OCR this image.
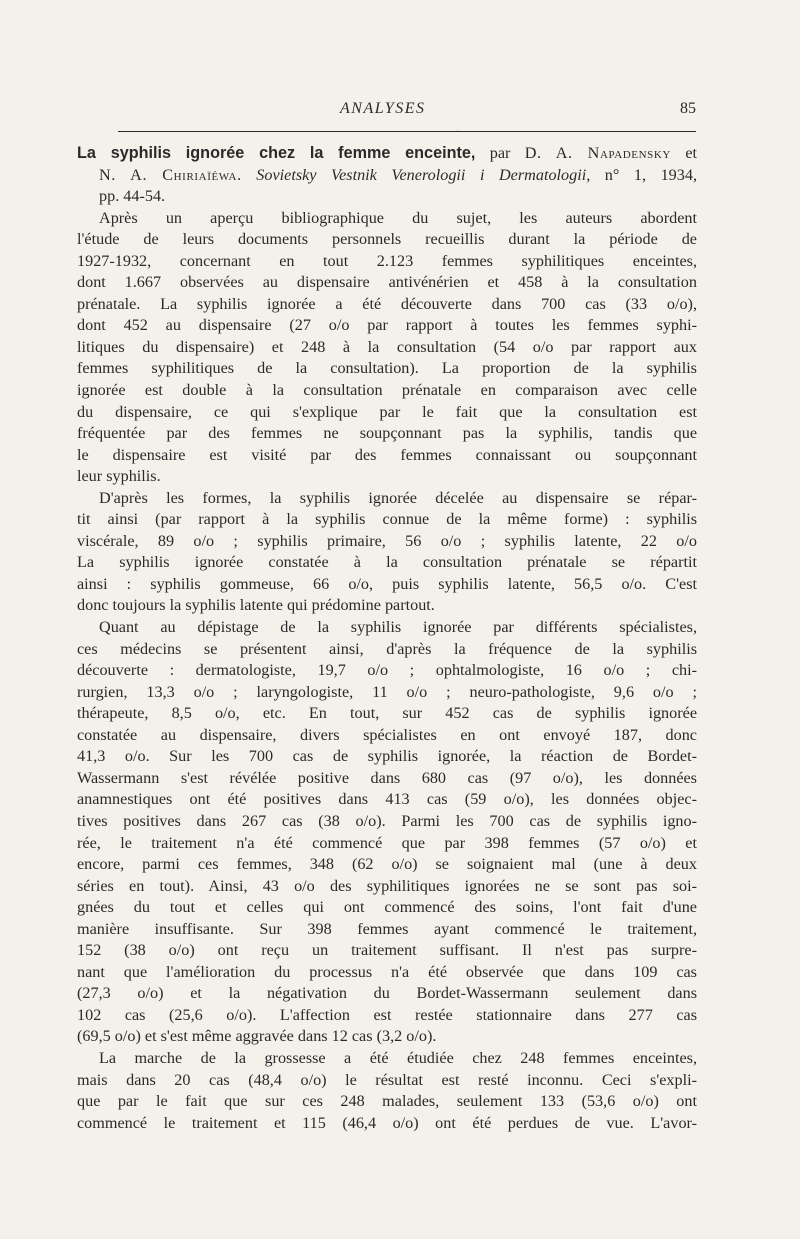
ANALYSES	85
.
La syphilis ignorée chez la femme enceinte, par D. A. Napadensky et
N. A. Chiriaïéwa. Sovietsky Vestnik Venerologii i Dermatologii, n° 1, 1934,
pp. 44-54.
Après un aperçu bibliographique du sujet, les auteurs abordent
l'étude de leurs documents personnels recueillis durant la période de
1927-1932, concernant en tout 2.123 femmes syphilitiques enceintes,
dont 1.667 observées au dispensaire antivénérien et 458 à la consultation
prénatale. La syphilis ignorée a été découverte dans 700 cas (33 o/o),
dont 452 au dispensaire (27 o/o par rapport à toutes les femmes syphi-
litiques du dispensaire) et 248 à la consultation (54 o/o par rapport aux
femmes syphilitiques de la consultation). La proportion de la syphilis
ignorée est double à la consultation prénatale en comparaison avec celle
du dispensaire, ce qui s'explique par le fait que la consultation est
fréquentée par des femmes ne soupçonnant pas la syphilis, tandis que
le dispensaire est visité par des femmes connaissant ou soupçonnant
leur syphilis.
D'après les formes, la syphilis ignorée décelée au dispensaire se répar-
tit ainsi (par rapport à la syphilis connue de la même forme) : syphilis
viscérale, 89 o/o ; syphilis primaire, 56 o/o ; syphilis latente, 22 o/o
La syphilis ignorée constatée à la consultation prénatale se répartit
ainsi : syphilis gommeuse, 66 o/o, puis syphilis latente, 56,5 o/o. C'est
donc toujours la syphilis latente qui prédomine partout.
Quant au dépistage de la syphilis ignorée par différents spécialistes,
ces médecins se présentent ainsi, d'après la fréquence de la syphilis
découverte : dermatologiste, 19,7 o/o ; ophtalmologiste, 16 o/o ; chi-
rurgien, 13,3 o/o ; laryngologiste, 11 o/o ; neuro-pathologiste, 9,6 o/o ;
thérapeute, 8,5 o/o, etc. En tout, sur 452 cas de syphilis ignorée
constatée au dispensaire, divers spécialistes en ont envoyé 187, donc
41,3 o/o. Sur les 700 cas de syphilis ignorée, la réaction de Bordet-
Wassermann s'est révélée positive dans 680 cas (97 o/o), les données
anamnestiques ont été positives dans 413 cas (59 o/o), les données objec-
tives positives dans 267 cas (38 o/o). Parmi les 700 cas de syphilis igno-
rée, le traitement n'a été commencé que par 398 femmes (57 o/o) et
encore, parmi ces femmes, 348 (62 o/o) se soignaient mal (une à deux
séries en tout). Ainsi, 43 o/o des syphilitiques ignorées ne se sont pas soi-
gnées du tout et celles qui ont commencé des soins, l'ont fait d'une
manière insuffisante. Sur 398 femmes ayant commencé le traitement,
152 (38 o/o) ont reçu un traitement suffisant. Il n'est pas surpre-
nant que l'amélioration du processus n'a été observée que dans 109 cas
(27,3 o/o) et la négativation du Bordet-Wassermann seulement dans
102 cas (25,6 o/o). L'affection est restée stationnaire dans 277 cas
(69,5 o/o) et s'est même aggravée dans 12 cas (3,2 o/o).
La marche de la grossesse a été étudiée chez 248 femmes enceintes,
mais dans 20 cas (48,4 o/o) le résultat est resté inconnu. Ceci s'expli-
que par le fait que sur ces 248 malades, seulement 133 (53,6 o/o) ont
commencé le traitement et 115 (46,4 o/o) ont été perdues de vue. L'avor-
